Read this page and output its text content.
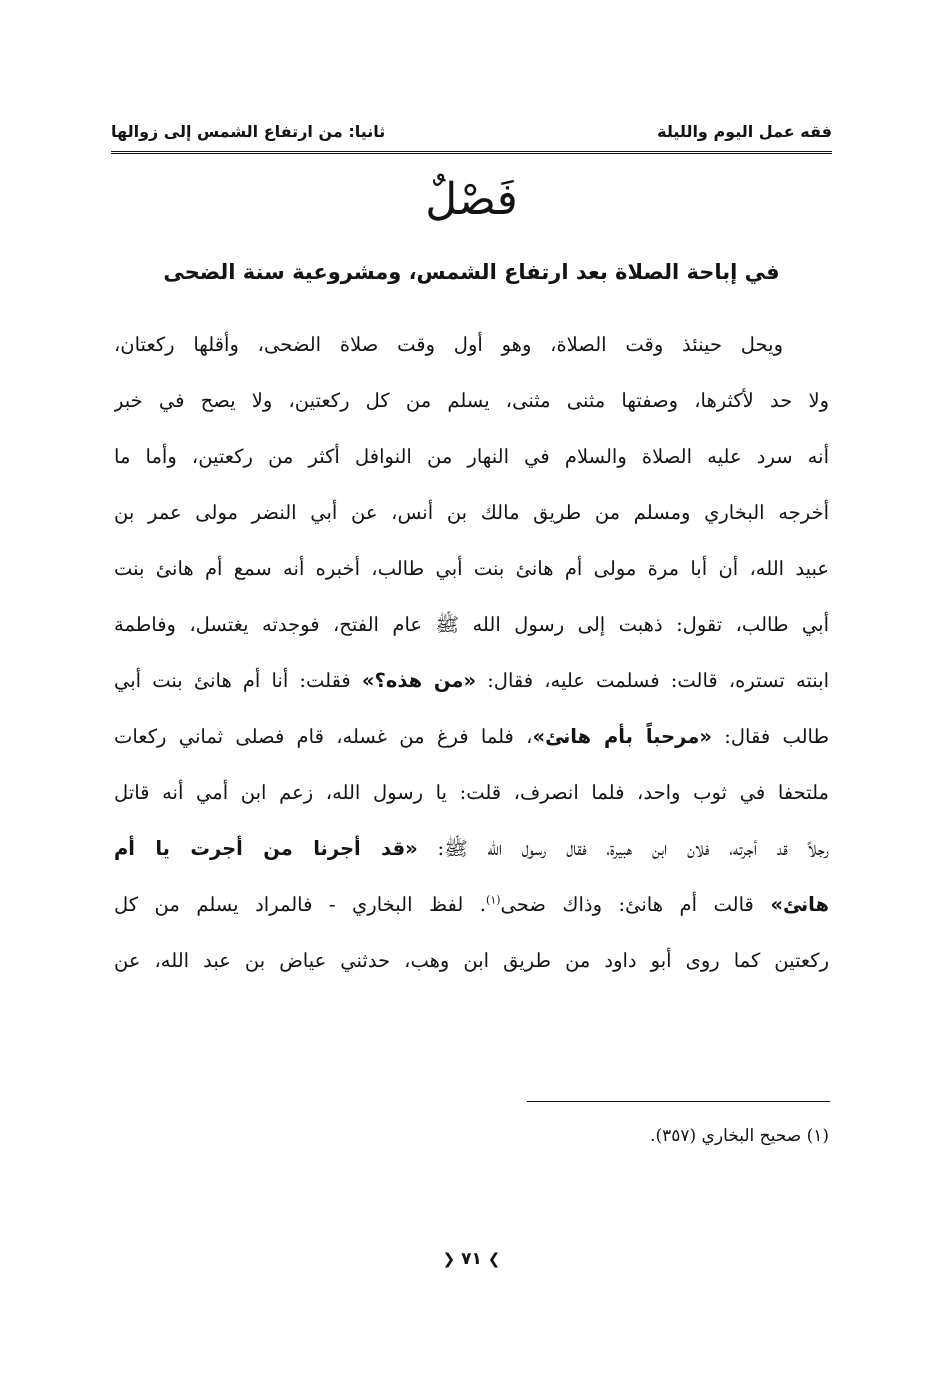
فقه عمل اليوم والليلة
ثانيا: من ارتفاع الشمس إلى زوالها
فَصْلٌ
في إباحة الصلاة بعد ارتفاع الشمس، ومشروعية سنة الضحى
ويحل حينئذ وقت الصلاة، وهو أول وقت صلاة الضحى، وأقلها ركعتان،
ولا حد لأكثرها، وصفتها مثنى مثنى، يسلم من كل ركعتين، ولا يصح في خبر
أنه سرد عليه الصلاة والسلام في النهار من النوافل أكثر من ركعتين، وأما ما
أخرجه البخاري ومسلم من طريق مالك بن أنس، عن أبي النضر مولى عمر بن
عبيد الله، أن أبا مرة مولى أم هانئ بنت أبي طالب، أخبره أنه سمع أم هانئ بنت
أبي طالب، تقول: ذهبت إلى رسول الله ﷺ عام الفتح، فوجدته يغتسل، وفاطمة
ابنته تستره، قالت: فسلمت عليه، فقال: «من هذه؟» فقلت: أنا أم هانئ بنت أبي
طالب فقال: «مرحباً بأم هانئ»، فلما فرغ من غسله، قام فصلى ثماني ركعات
ملتحفا في ثوب واحد، فلما انصرف، قلت: يا رسول الله، زعم ابن أمي أنه قاتل
رجلاً قد أجرته، فلان ابن هبيرة، فقال رسول الله ﷺ: «قد أجرنا من أجرت يا أم
هانئ» قالت أم هانئ: وذاك ضحى$^{(١)}$. لفظ البخاري - فالمراد يسلم من كل
ركعتين كما روى أبو داود من طريق ابن وهب، حدثني عياض بن عبد الله، عن
(١) صحيح البخاري (٣٥٧).
❯ ٧١ ❮
